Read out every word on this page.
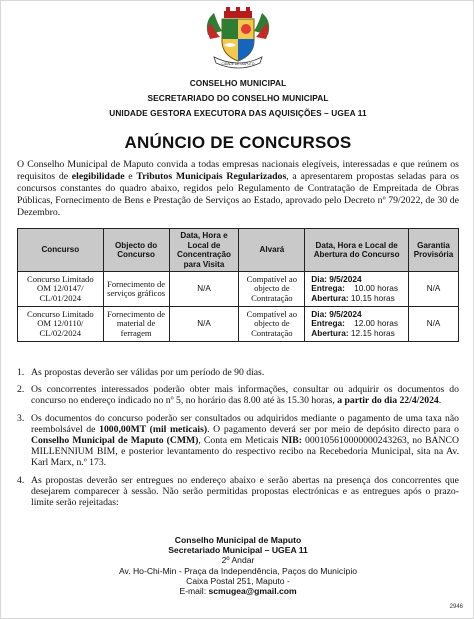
CIDADE DE MAPUTO
CONSELHO MUNICIPAL
SECRETARIADO DO CONSELHO MUNICIPAL
UNIDADE GESTORA EXECUTORA DAS AQUISIÇÕES – UGEA 11
ANÚNCIO DE CONCURSOS
O Conselho Municipal de Maputo convida a todas empresas nacionais elegíveis, interessadas e que reúnem os requisitos de elegibilidade e Tributos Municipais Regularizados, a apresentarem propostas seladas para os concursos constantes do quadro abaixo, regidos pelo Regulamento de Contratação de Empreitada de Obras Públicas, Fornecimento de Bens e Prestação de Serviços ao Estado, aprovado pelo Decreto nº 79/2022, de 30 de Dezembro.
Concurso	Objecto do Concurso	Data, Hora e Local de Concentração para Visita	Alvará	Data, Hora e Local de Abertura do Concurso	Garantia Provisória
Concurso Limitado OM 12/0147/ CL/01/2024	Fornecimento de serviços gráficos	N/A	Compatível ao objecto de Contratação	Dia: 9/5/2024
Entrega: 10.00 horas
Abertura: 10.15 horas	N/A
Concurso Limitado OM 12/0110/ CL/02/2024	Fornecimento de material de ferragem	N/A	Compatível ao objecto de Contratação	Dia: 9/5/2024
Entrega: 12.00 horas
Abertura: 12.15 horas	N/A
1. As propostas deverão ser válidas por um período de 90 dias.
2. Os concorrentes interessados poderão obter mais informações, consultar ou adquirir os documentos do concurso no endereço indicado no nº 5, no horário das 8.00 até às 15.30 horas, a partir do dia 22/4/2024.
3. Os documentos do concurso poderão ser consultados ou adquiridos mediante o pagamento de uma taxa não reembolsável de 1000,00MT (mil meticais). O pagamento deverá ser por meio de depósito directo para o Conselho Municipal de Maputo (CMM), Conta em Meticais NIB: 000105610000000243263, no BANCO MILLENNIUM BIM, e posterior levantamento do respectivo recibo na Recebedoria Municipal, sita na Av. Karl Marx, n.º 173.
4. As propostas deverão ser entregues no endereço abaixo e serão abertas na presença dos concorrentes que desejarem comparecer à sessão. Não serão permitidas propostas electrónicas e as entregues após o prazo-limite serão rejeitadas:
Conselho Municipal de Maputo
Secretariado Municipal – UGEA 11
2º Andar
Av. Ho-Chi-Min - Praça da Independência, Paços do Município
Caixa Postal 251, Maputo -
E-mail: scmugea@gmail.com
2946
